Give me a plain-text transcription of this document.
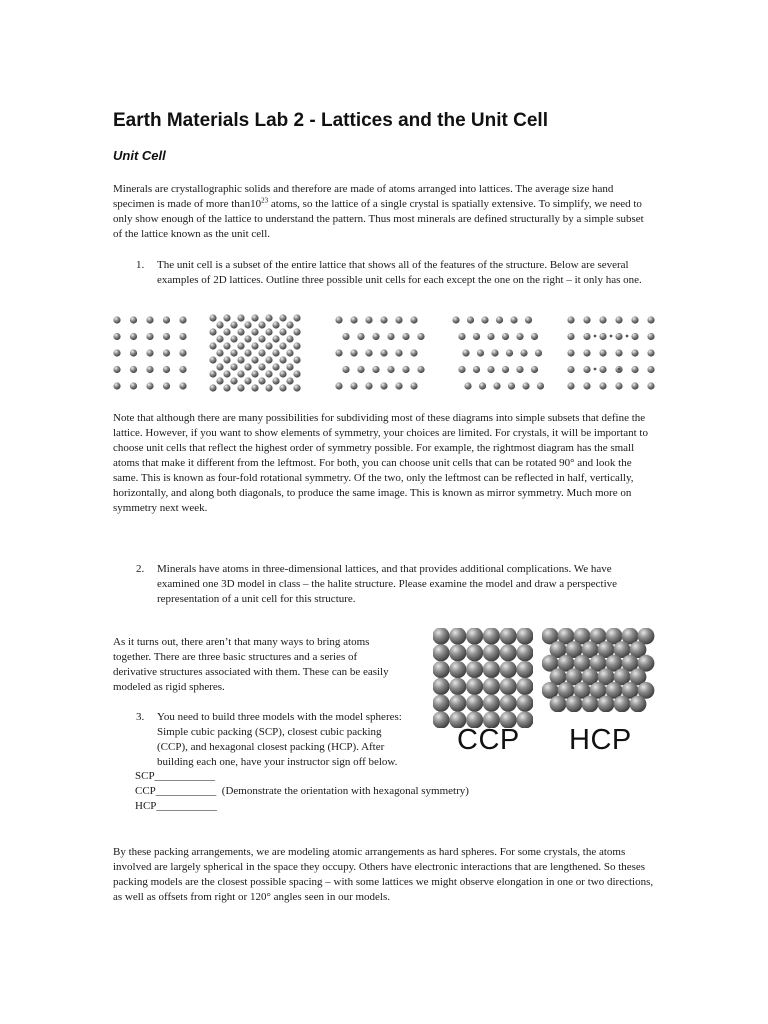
Earth Materials Lab 2 - Lattices and the Unit Cell
Unit Cell
Minerals are crystallographic solids and therefore are made of atoms arranged into lattices. The average size hand specimen is made of more $than10^{23}$ atoms, so the lattice of a single crystal is spatially extensive. To simplify, we need to only show enough of the lattice to understand the pattern. Thus most minerals are defined structurally by a simple subset of the lattice known as the unit cell.
1. The unit cell is a subset of the entire lattice that shows all of the features of the structure. Below are several examples of 2D lattices. Outline three possible unit cells for each except the one on the right – it only has one.
Note that although there are many possibilities for subdividing most of these diagrams into simple subsets that define the lattice. However, if you want to show elements of symmetry, your choices are limited. For crystals, it will be important to choose unit cells that reflect the highest order of symmetry possible. For example, the rightmost diagram has the small atoms that make it different from the leftmost. For both, you can choose unit cells that can be rotated 90° and look the same. This is known as four-fold rotational symmetry. Of the two, only the leftmost can be reflected in half, vertically, horizontally, and along both diagonals, to produce the same image. This is known as mirror symmetry. Much more on symmetry next week.
2. Minerals have atoms in three-dimensional lattices, and that provides additional complications. We have examined one 3D model in class – the halite structure. Please examine the model and draw a perspective representation of a unit cell for this structure.
As it turns out, there aren’t that many ways to bring atoms together. There are three basic structures and a series of derivative structures associated with them. These can be easily modeled as rigid spheres.
CCP HCP
3. You need to build three models with the model spheres: Simple cubic packing (SCP), closest cubic packing (CCP), and hexagonal closest packing (HCP). After building each one, have your instructor sign off below.
SCP___________
CCP___________  (Demonstrate the orientation with hexagonal symmetry)
HCP___________
By these packing arrangements, we are modeling atomic arrangements as hard spheres. For some crystals, the atoms involved are largely spherical in the space they occupy. Others have electronic interactions that are lengthened. So theses packing models are the closest possible spacing – with some lattices we might observe elongation in one or two directions, as well as offsets from right or 120° angles seen in our models.
